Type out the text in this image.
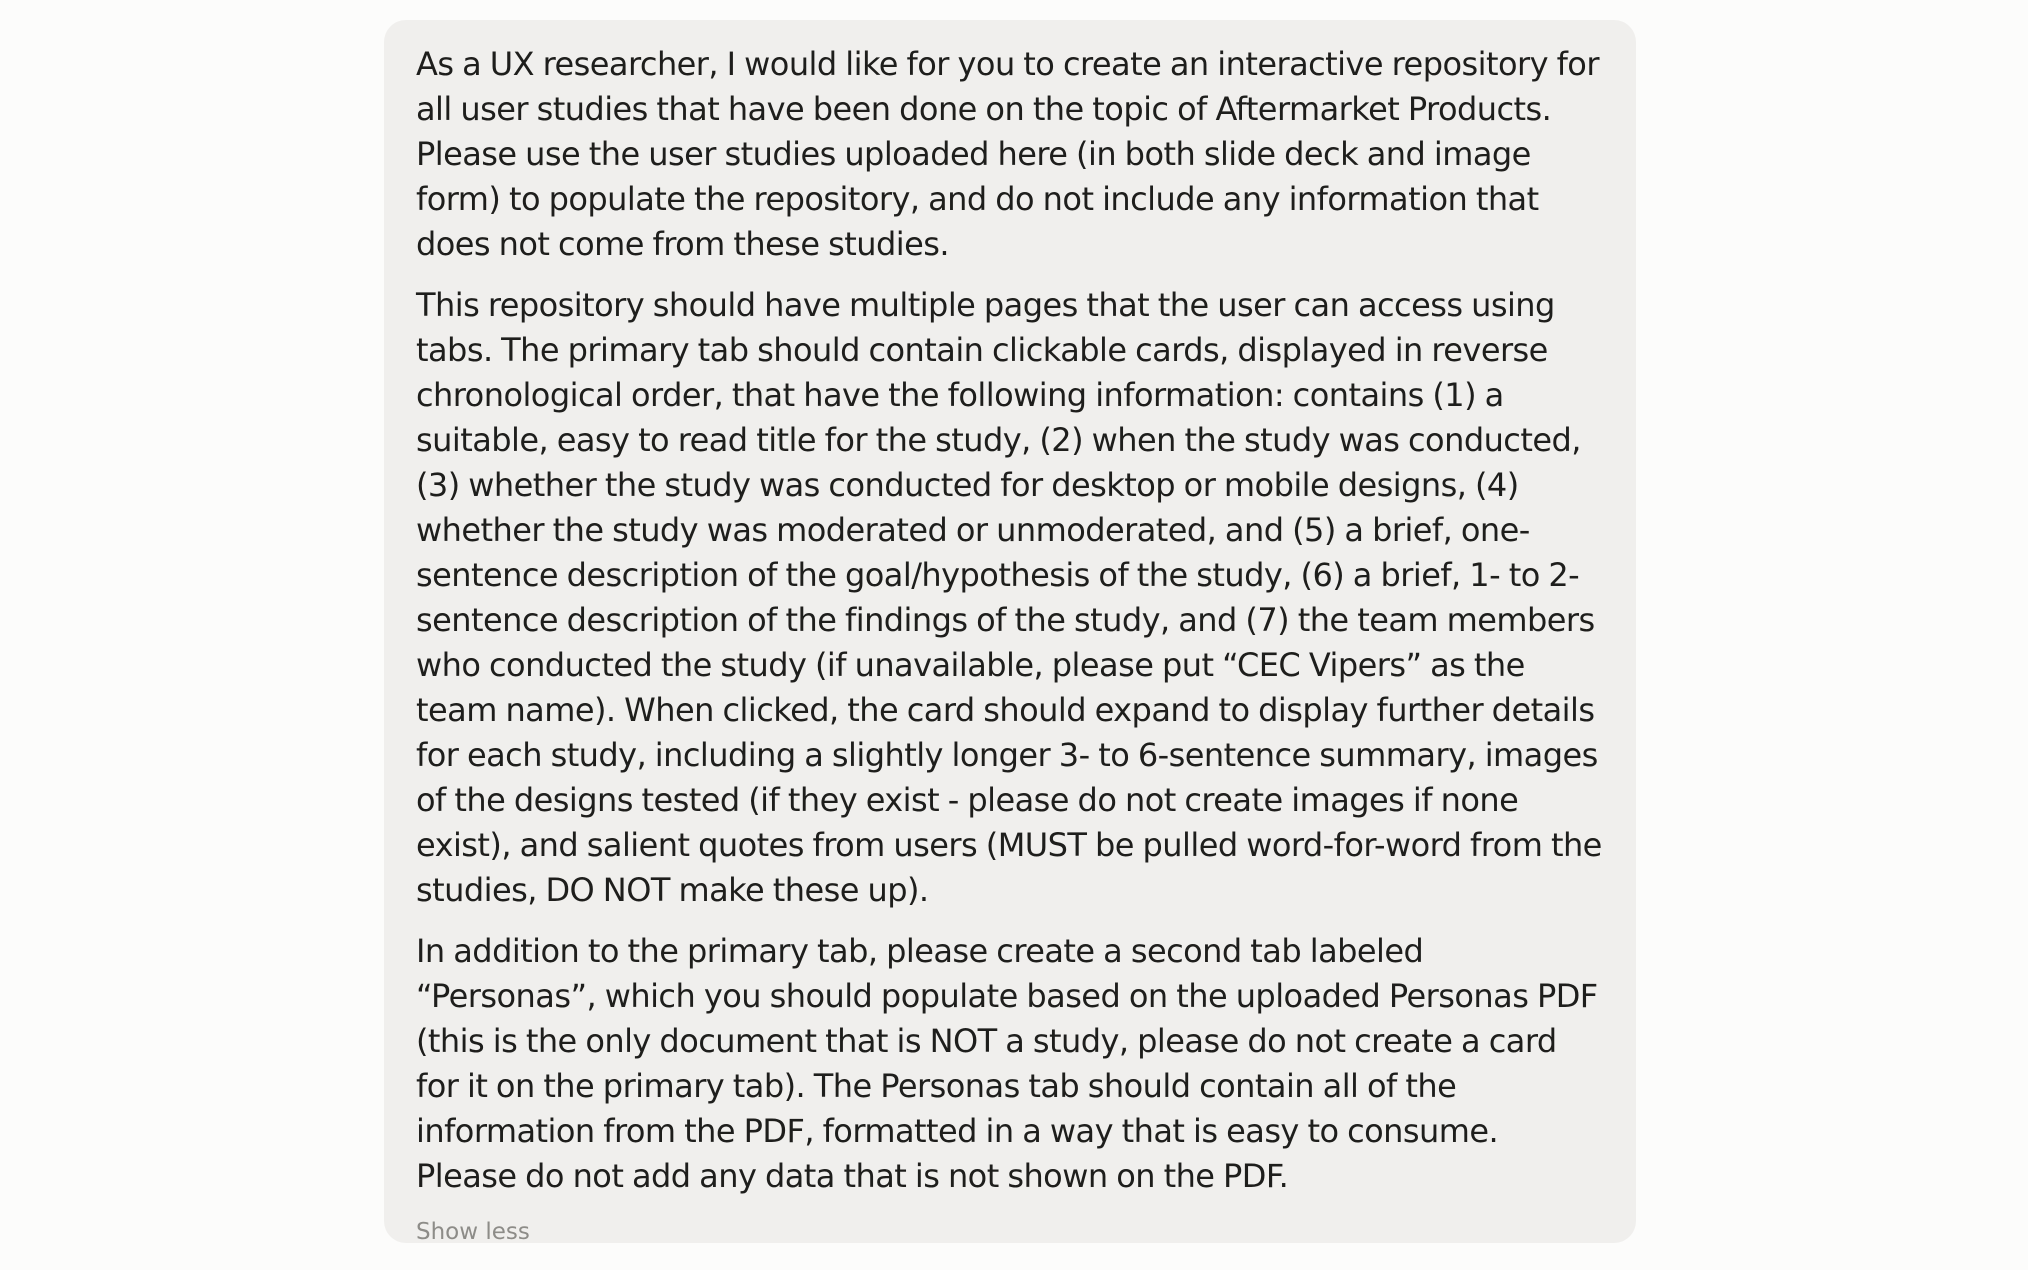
As a UX researcher, I would like for you to create an interactive repository for all user studies that have been done on the topic of Aftermarket Products. Please use the user studies uploaded here (in both slide deck and image form) to populate the repository, and do not include any information that does not come from these studies.

This repository should have multiple pages that the user can access using tabs. The primary tab should contain clickable cards, displayed in reverse chronological order, that have the following information: contains (1) a suitable, easy to read title for the study, (2) when the study was conducted, (3) whether the study was conducted for desktop or mobile designs, (4) whether the study was moderated or unmoderated, and (5) a brief, one-sentence description of the goal/hypothesis of the study, (6) a brief, 1- to 2-sentence description of the findings of the study, and (7) the team members who conducted the study (if unavailable, please put “CEC Vipers” as the team name). When clicked, the card should expand to display further details for each study, including a slightly longer 3- to 6-sentence summary, images of the designs tested (if they exist - please do not create images if none exist), and salient quotes from users (MUST be pulled word-for-word from the studies, DO NOT make these up).

In addition to the primary tab, please create a second tab labeled “Personas”, which you should populate based on the uploaded Personas PDF (this is the only document that is NOT a study, please do not create a card for it on the primary tab). The Personas tab should contain all of the information from the PDF, formatted in a way that is easy to consume. Please do not add any data that is not shown on the PDF.

Show less
